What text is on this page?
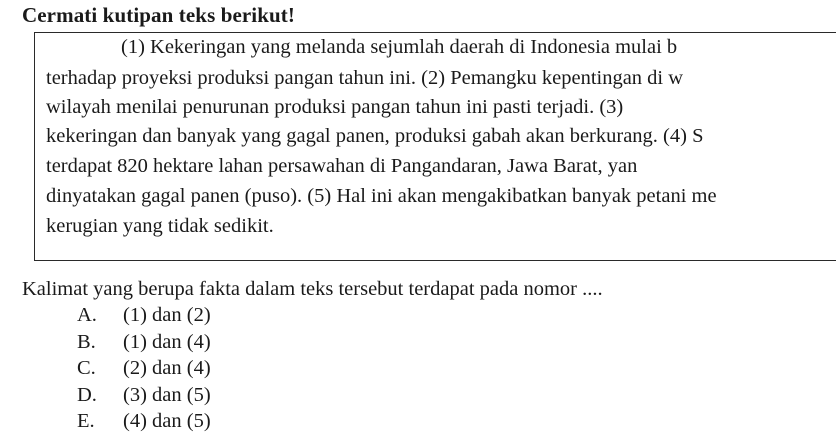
Cermati kutipan teks berikut!
(1) Kekeringan yang melanda sejumlah daerah di Indonesia mulai b
terhadap proyeksi produksi pangan tahun ini. (2) Pemangku kepentingan di w
wilayah menilai penurunan produksi pangan tahun ini pasti terjadi. (3)
kekeringan dan banyak yang gagal panen, produksi gabah akan berkurang. (4) S
terdapat 820 hektare lahan persawahan di Pangandaran, Jawa Barat, yan
dinyatakan gagal panen (puso). (5) Hal ini akan mengakibatkan banyak petani me
kerugian yang tidak sedikit.
Kalimat yang berupa fakta dalam teks tersebut terdapat pada nomor ....
A.	(1) dan (2)
B.	(1) dan (4)
C.	(2) dan (4)
D.	(3) dan (5)
E.	(4) dan (5)
